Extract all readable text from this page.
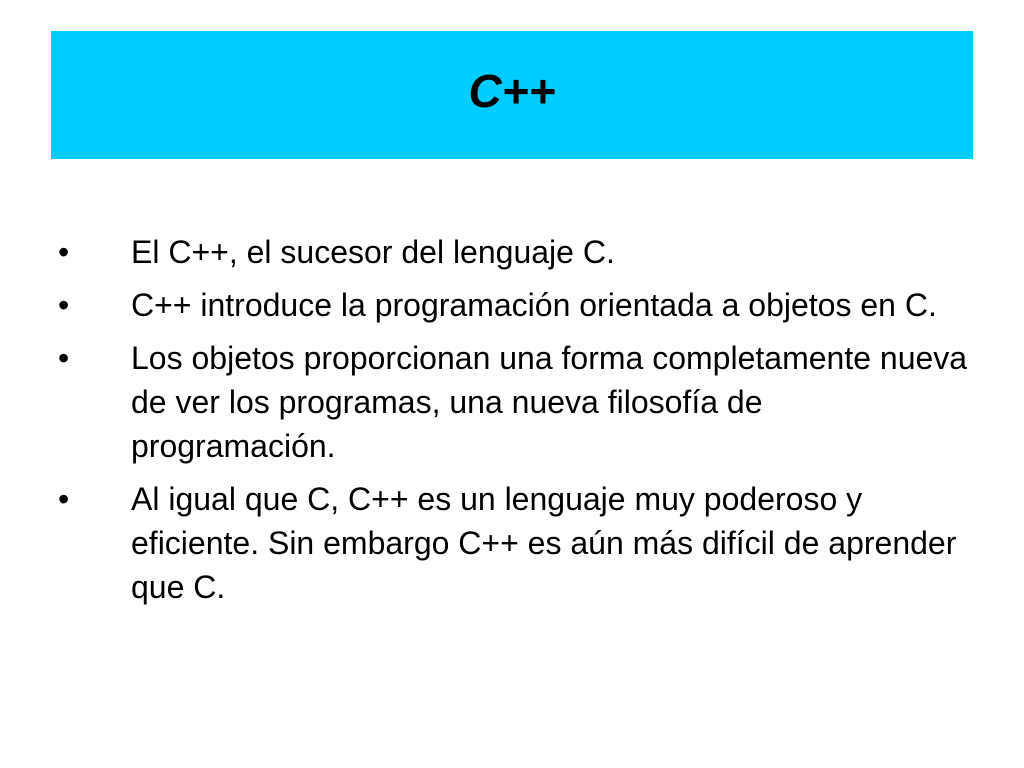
C++
•	El C++, el sucesor del lenguaje C.
•	C++ introduce la programación orientada a objetos en C.
•	Los objetos proporcionan una forma completamente nueva de ver los programas, una nueva filosofía de programación.
•	Al igual que C, C++ es un lenguaje muy poderoso y eficiente. Sin embargo C++ es aún más difícil de aprender que C.
